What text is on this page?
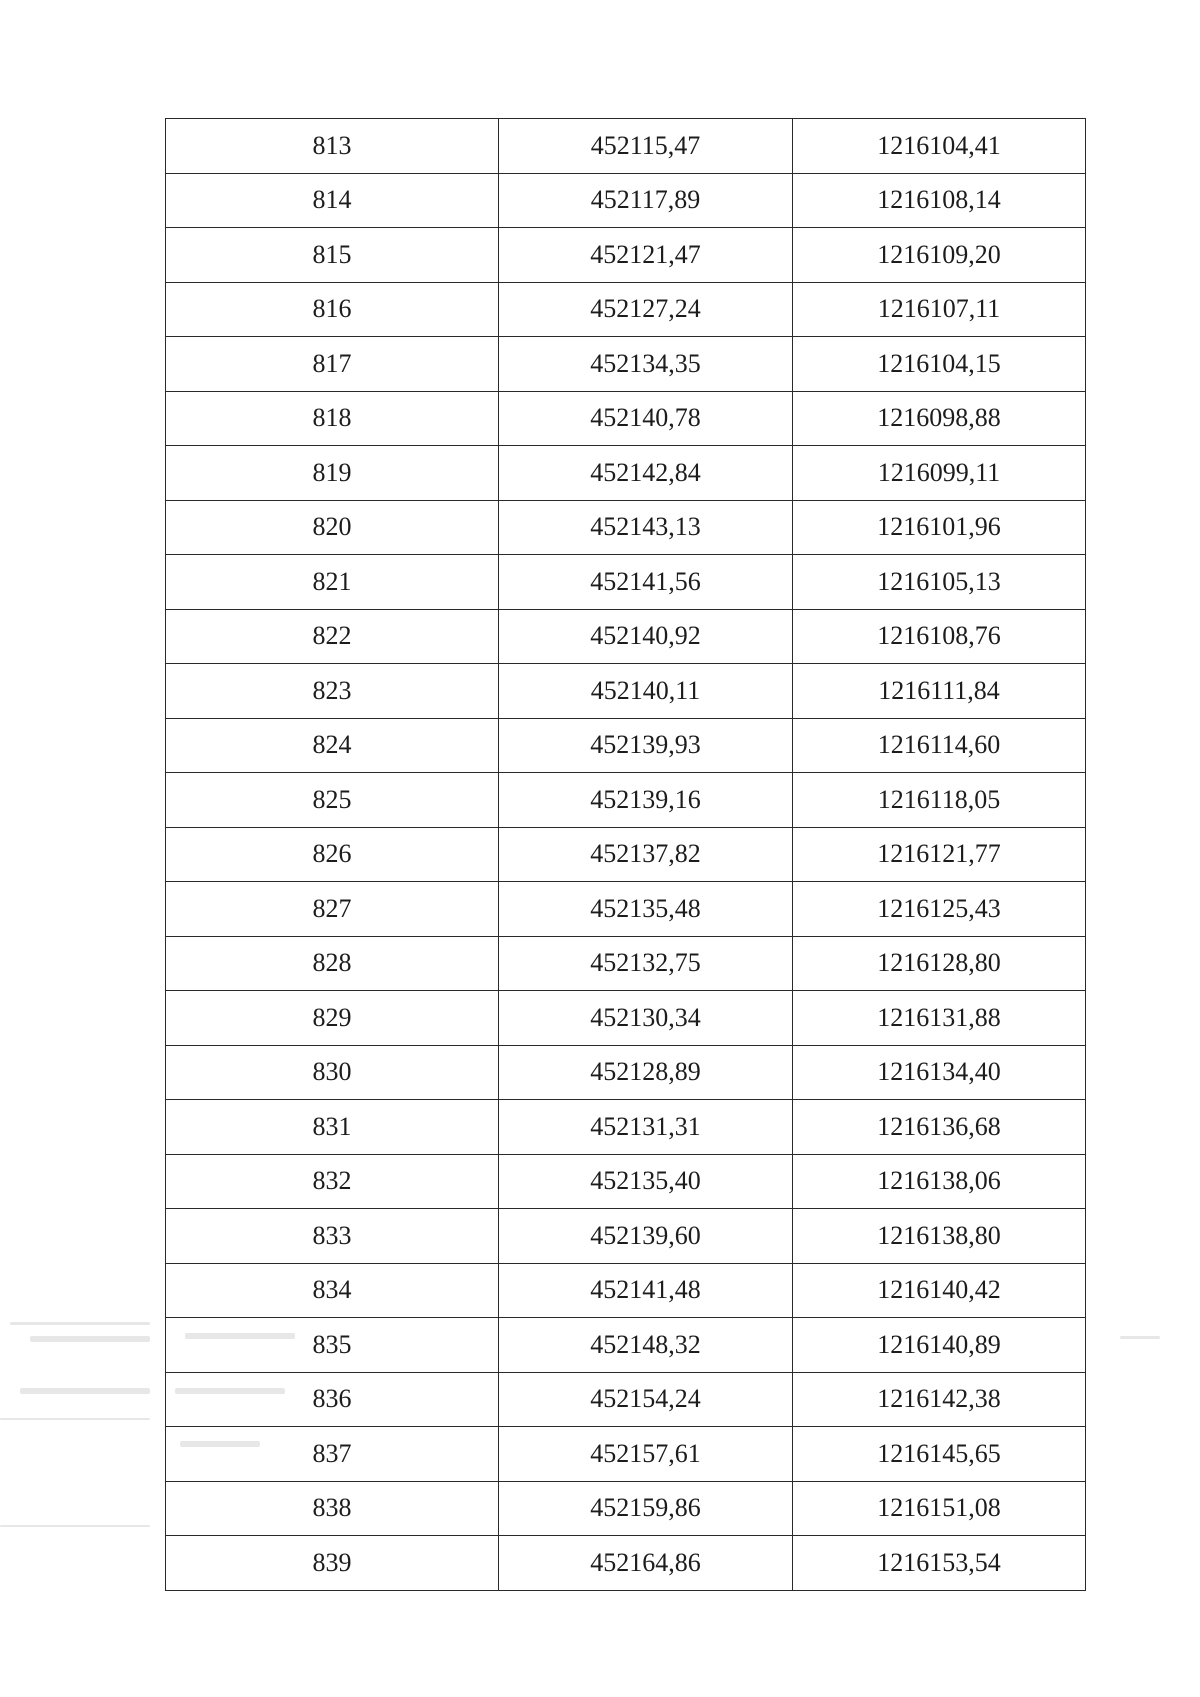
813	452115,47	1216104,41
814	452117,89	1216108,14
815	452121,47	1216109,20
816	452127,24	1216107,11
817	452134,35	1216104,15
818	452140,78	1216098,88
819	452142,84	1216099,11
820	452143,13	1216101,96
821	452141,56	1216105,13
822	452140,92	1216108,76
823	452140,11	1216111,84
824	452139,93	1216114,60
825	452139,16	1216118,05
826	452137,82	1216121,77
827	452135,48	1216125,43
828	452132,75	1216128,80
829	452130,34	1216131,88
830	452128,89	1216134,40
831	452131,31	1216136,68
832	452135,40	1216138,06
833	452139,60	1216138,80
834	452141,48	1216140,42
835	452148,32	1216140,89
836	452154,24	1216142,38
837	452157,61	1216145,65
838	452159,86	1216151,08
839	452164,86	1216153,54
